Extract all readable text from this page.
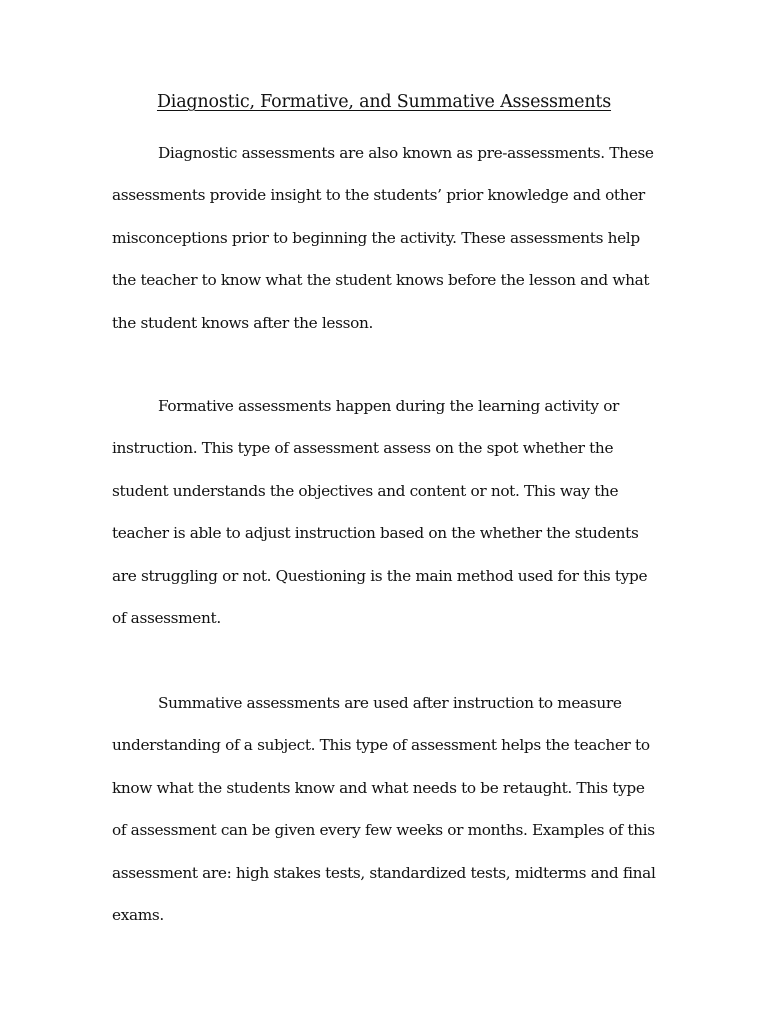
Diagnostic, Formative, and Summative Assessments

Diagnostic assessments are also known as pre-assessments. These assessments provide insight to the students’ prior knowledge and other misconceptions prior to beginning the activity. These assessments help the teacher to know what the student knows before the lesson and what the student knows after the lesson.

Formative assessments happen during the learning activity or instruction. This type of assessment assess on the spot whether the student understands the objectives and content or not. This way the teacher is able to adjust instruction based on the whether the students are struggling or not. Questioning is the main method used for this type of assessment.

Summative assessments are used after instruction to measure understanding of a subject. This type of assessment helps the teacher to know what the students know and what needs to be retaught. This type of assessment can be given every few weeks or months. Examples of this assessment are: high stakes tests, standardized tests, midterms and final exams.
